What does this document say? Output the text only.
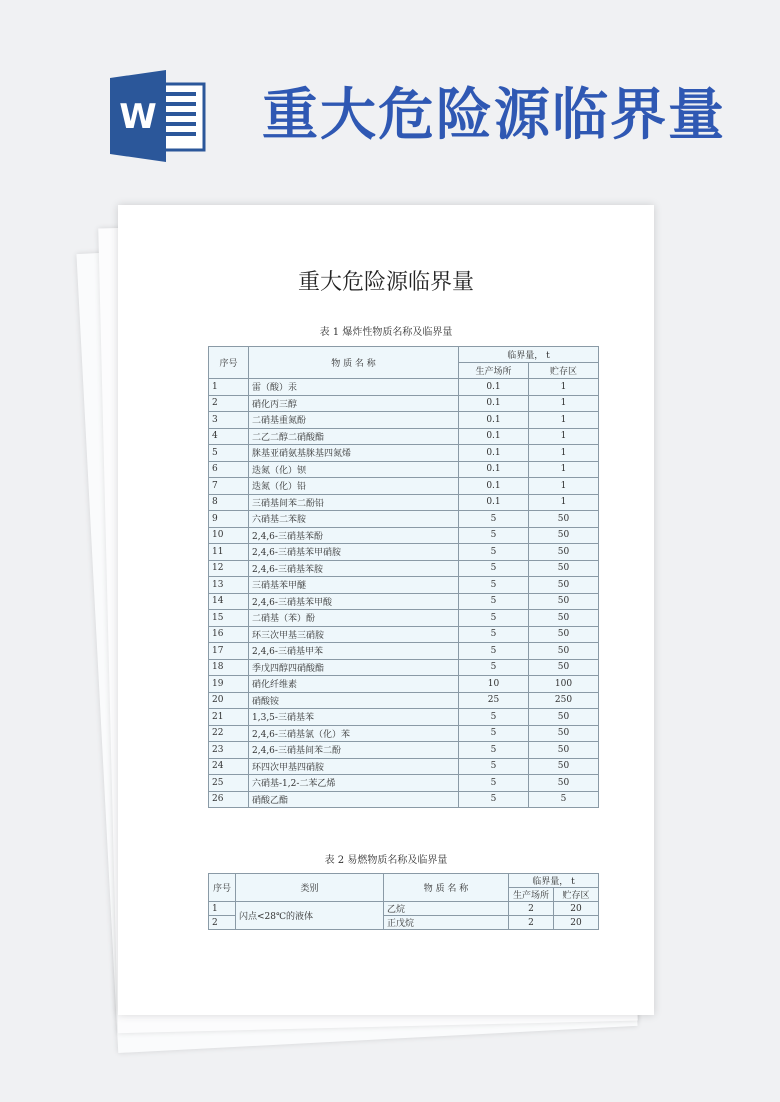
W 重大危险源临界量
重大危险源临界量
表 1 爆炸性物质名称及临界量
序号	物 质 名 称	临界量， t	
		生产场所	贮存区
1	雷（酸）汞	0.1	1
2	硝化丙三醇	0.1	1
3	二硝基重氮酚	0.1	1
4	二乙二醇二硝酸酯	0.1	1
5	脒基亚硝氨基脒基四氮烯	0.1	1
6	迭氮（化）钡	0.1	1
7	迭氮（化）铅	0.1	1
8	三硝基间苯二酚铅	0.1	1
9	六硝基二苯胺	5	50
10	2,4,6-三硝基苯酚	5	50
11	2,4,6-三硝基苯甲硝胺	5	50
12	2,4,6-三硝基苯胺	5	50
13	三硝基苯甲醚	5	50
14	2,4,6-三硝基苯甲酸	5	50
15	二硝基（苯）酚	5	50
16	环三次甲基三硝胺	5	50
17	2,4,6-三硝基甲苯	5	50
18	季戊四醇四硝酸酯	5	50
19	硝化纤维素	10	100
20	硝酸铵	25	250
21	1,3,5-三硝基苯	5	50
22	2,4,6-三硝基氯（化）苯	5	50
23	2,4,6-三硝基间苯二酚	5	50
24	环四次甲基四硝胺	5	50
25	六硝基-1,2-二苯乙烯	5	50
26	硝酸乙酯	5	5
表 2 易燃物质名称及临界量
序号	类别	物 质 名 称	临界量， t	
			生产场所	贮存区
1	闪点<28℃的液体	乙烷	2	20
2		正戊烷	2	20
